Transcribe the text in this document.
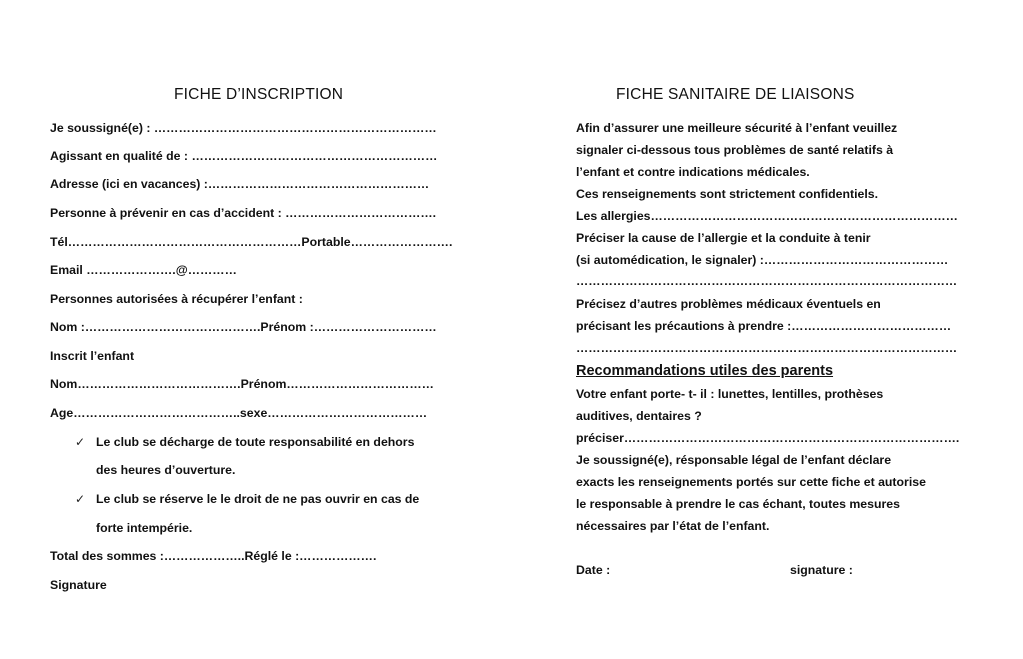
FICHE D’INSCRIPTION
Je soussigné(e) : ……………………………………………………………
Agissant en qualité de : ……………………………………………………
Adresse (ici en vacances) :………………………………………………
Personne à prévenir en cas d’accident : ……………………………….
Tél…………………………………………………Portable…………………….
Email ………………….@…………
Personnes autorisées à récupérer l’enfant :
Nom :…………………………………….Prénom :…………………………
Inscrit l’enfant
Nom………………………………….Prénom………………………………
Age…………………………………..sexe…………………………………
✓ Le club se décharge de toute responsabilité en dehors
des heures d’ouverture.
✓ Le club se réserve le le droit de ne pas ouvrir en cas de
forte intempérie.
Total des sommes :………………..Réglé le :……………….
Signature
FICHE SANITAIRE DE LIAISONS
Afin d’assurer une meilleure sécurité à l’enfant veuillez
signaler ci-dessous tous problèmes de santé relatifs à
l’enfant et contre indications médicales.
Ces renseignements sont strictement confidentiels.
Les allergies…………………………………………………………………
Préciser la cause de l’allergie et la conduite à tenir
(si automédication, le signaler) :………………………………………
…………………………………………………………………………………
Précisez d’autres problèmes médicaux éventuels en
précisant les précautions à prendre :…………………………………
…………………………………………………………………………………
Recommandations utiles des parents
Votre enfant porte- t- il : lunettes, lentilles, prothèses
auditives, dentaires ?
préciser……………………………………………………………………….
Je soussigné(e), résponsable légal de l’enfant déclare
exacts les renseignements portés sur cette fiche et autorise
le responsable à prendre le cas échant, toutes mesures
nécessaires par l’état de l’enfant.
Date :	signature :
